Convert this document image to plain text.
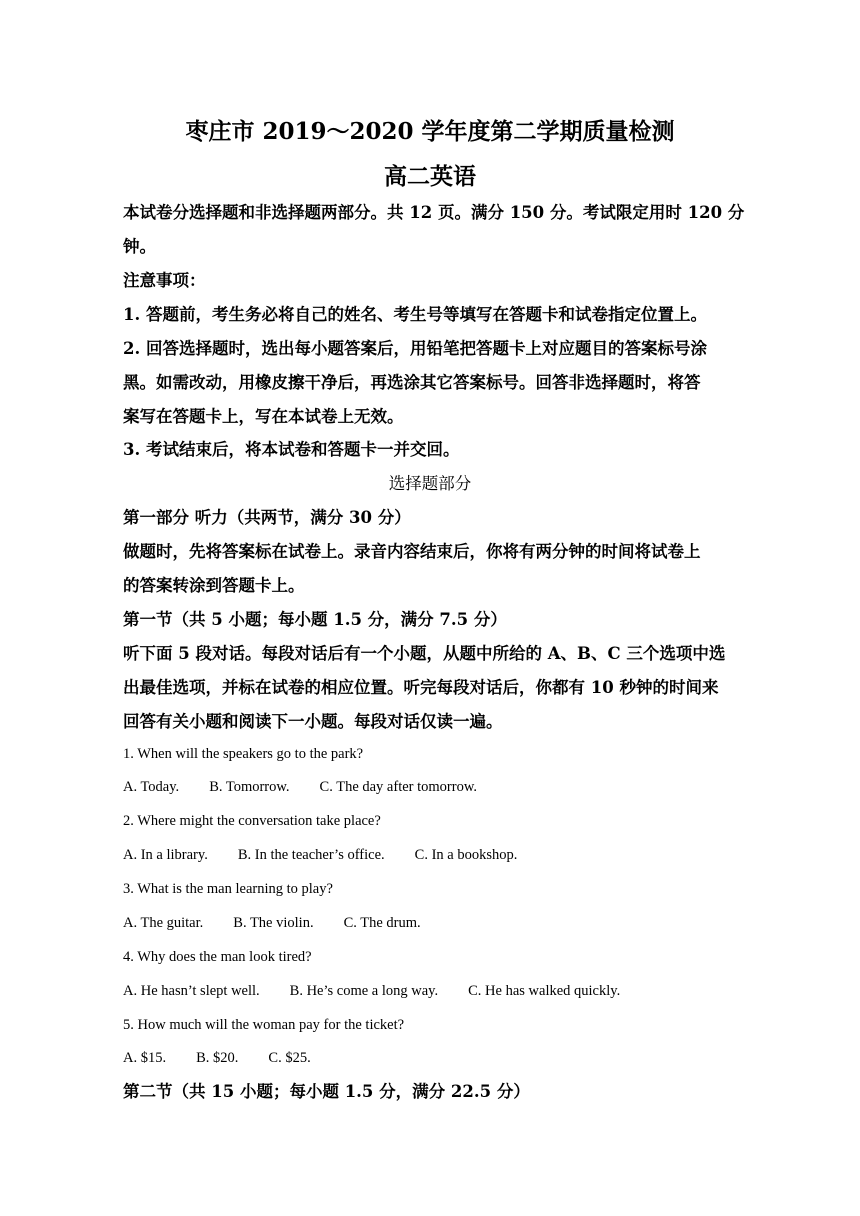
枣庄市 2019～2020 学年度第二学期质量检测
高二英语
本试卷分选择题和非选择题两部分。共 12 页。满分 150 分。考试限定用时 120 分
钟。
注意事项：
1. 答题前，考生务必将自己的姓名、考生号等填写在答题卡和试卷指定位置上。
2. 回答选择题时，选出每小题答案后，用铅笔把答题卡上对应题目的答案标号涂
黑。如需改动，用橡皮擦干净后，再选涂其它答案标号。回答非选择题时，将答
案写在答题卡上，写在本试卷上无效。
3. 考试结束后，将本试卷和答题卡一并交回。
选择题部分
第一部分 听力（共两节，满分 30 分）
做题时，先将答案标在试卷上。录音内容结束后，你将有两分钟的时间将试卷上
的答案转涂到答题卡上。
第一节（共 5 小题；每小题 1.5 分，满分 7.5 分）
听下面 5 段对话。每段对话后有一个小题，从题中所给的 A、B、C 三个选项中选
出最佳选项，并标在试卷的相应位置。听完每段对话后，你都有 10 秒钟的时间来
回答有关小题和阅读下一小题。每段对话仅读一遍。
1. When will the speakers go to the park?
A. Today. B. Tomorrow. C. The day after tomorrow.
2. Where might the conversation take place?
A. In a library. B. In the teacher’s office. C. In a bookshop.
3. What is the man learning to play?
A. The guitar. B. The violin. C. The drum.
4. Why does the man look tired?
A. He hasn’t slept well. B. He’s come a long way. C. He has walked quickly.
5. How much will the woman pay for the ticket?
A. $15. B. $20. C. $25.
第二节（共 15 小题；每小题 1.5 分，满分 22.5 分）
